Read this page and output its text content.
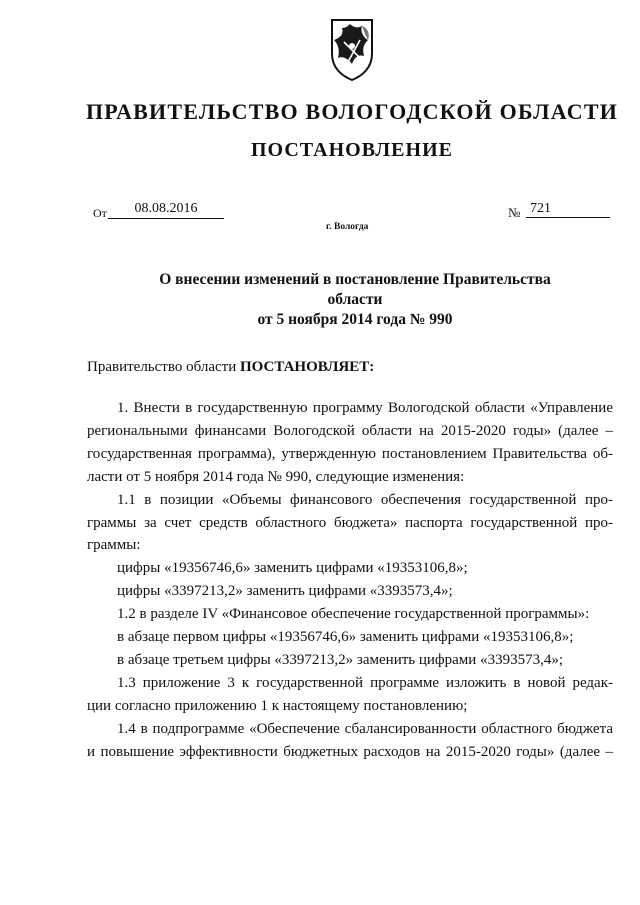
ПРАВИТЕЛЬСТВО ВОЛОГОДСКОЙ ОБЛАСТИ
ПОСТАНОВЛЕНИЕ
От	08.08.2016	№ 721
г. Вологда
О внесении изменений в постановление Правительства области
от 5 ноября 2014 года № 990
Правительство области ПОСТАНОВЛЯЕТ:

1. Внести в государственную программу Вологодской области «Управление

региональными финансами Вологодской области на 2015-2020 годы» (далее –

государственная программа), утвержденную постановлением Правительства об-

ласти от 5 ноября 2014 года № 990, следующие изменения:

1.1 в позиции «Объемы финансового обеспечения государственной про-

граммы за счет средств областного бюджета» паспорта государственной про-

граммы:

цифры «19356746,6» заменить цифрами «19353106,8»;

цифры «3397213,2» заменить цифрами «3393573,4»;

1.2 в разделе IV «Финансовое обеспечение государственной программы»:

в абзаце первом цифры «19356746,6» заменить цифрами «19353106,8»;

в абзаце третьем цифры «3397213,2» заменить цифрами «3393573,4»;

1.3 приложение 3 к государственной программе изложить в новой редак-

ции согласно приложению 1 к настоящему постановлению;

1.4 в подпрограмме «Обеспечение сбалансированности областного бюджета

и повышение эффективности бюджетных расходов на 2015-2020 годы» (далее –
